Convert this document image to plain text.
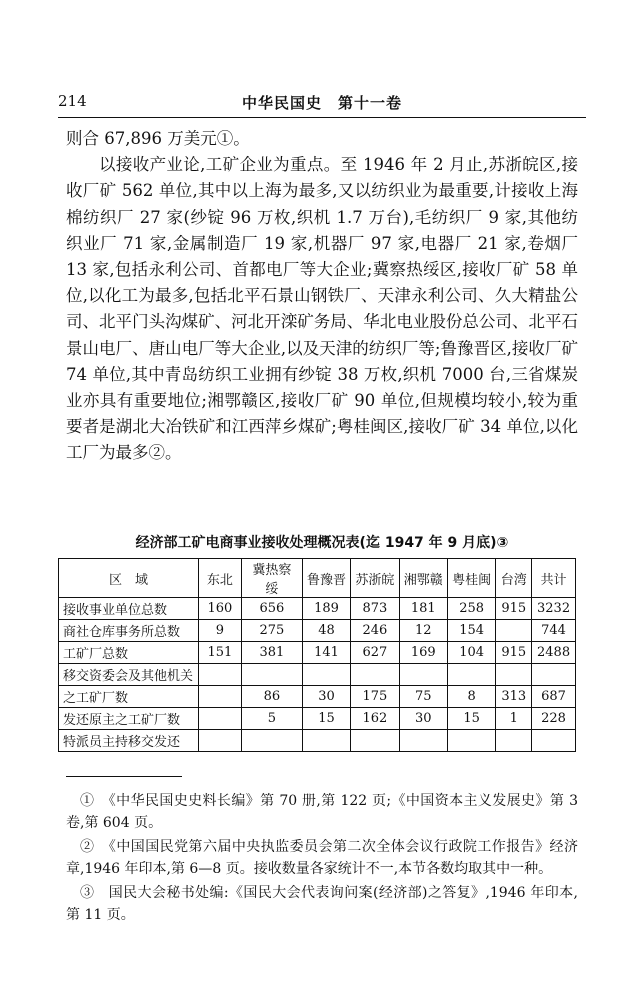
214	中华民国史　第十一卷

则合 67,896 万美元①。

以接收产业论,工矿企业为重点。至 1946 年 2 月止,苏浙皖区,接收厂矿 562 单位,其中以上海为最多,又以纺织业为最重要,计接收上海棉纺织厂 27 家(纱锭 96 万枚,织机 1.7 万台),毛纺织厂 9 家,其他纺织业厂 71 家,金属制造厂 19 家,机器厂 97 家,电器厂 21 家,卷烟厂 13 家,包括永利公司、首都电厂等大企业;冀察热绥区,接收厂矿 58 单位,以化工为最多,包括北平石景山钢铁厂、天津永利公司、久大精盐公司、北平门头沟煤矿、河北开滦矿务局、华北电业股份总公司、北平石景山电厂、唐山电厂等大企业,以及天津的纺织厂等;鲁豫晋区,接收厂矿 74 单位,其中青岛纺织工业拥有纱锭 38 万枚,织机 7000 台,三省煤炭业亦具有重要地位;湘鄂赣区,接收厂矿 90 单位,但规模均较小,较为重要者是湖北大冶铁矿和江西萍乡煤矿;粤桂闽区,接收厂矿 34 单位,以化工厂为最多②。

经济部工矿电商事业接收处理概况表(迄 1947 年 9 月底)③
区　域	东北	冀热察绥	鲁豫晋	苏浙皖	湘鄂赣	粤桂闽	台湾	共计
接收事业单位总数	160	656	189	873	181	258	915	3232
商社仓库事务所总数	9	275	48	246	12	154		744
工矿厂总数	151	381	141	627	169	104	915	2488
移交资委会及其他机关								
之工矿厂数		86	30	175	75	8	313	687
发还原主之工矿厂数		5	15	162	30	15	1	228
特派员主持移交发还								

①　《中华民国史史料长编》第 70 册,第 122 页;《中国资本主义发展史》第 3 卷,第 604 页。

②　《中国国民党第六届中央执监委员会第二次全体会议行政院工作报告》经济章,1946 年印本,第 6—8 页。接收数量各家统计不一,本节各数均取其中一种。

③　国民大会秘书处编:《国民大会代表询问案(经济部)之答复》,1946 年印本,第 11 页。
